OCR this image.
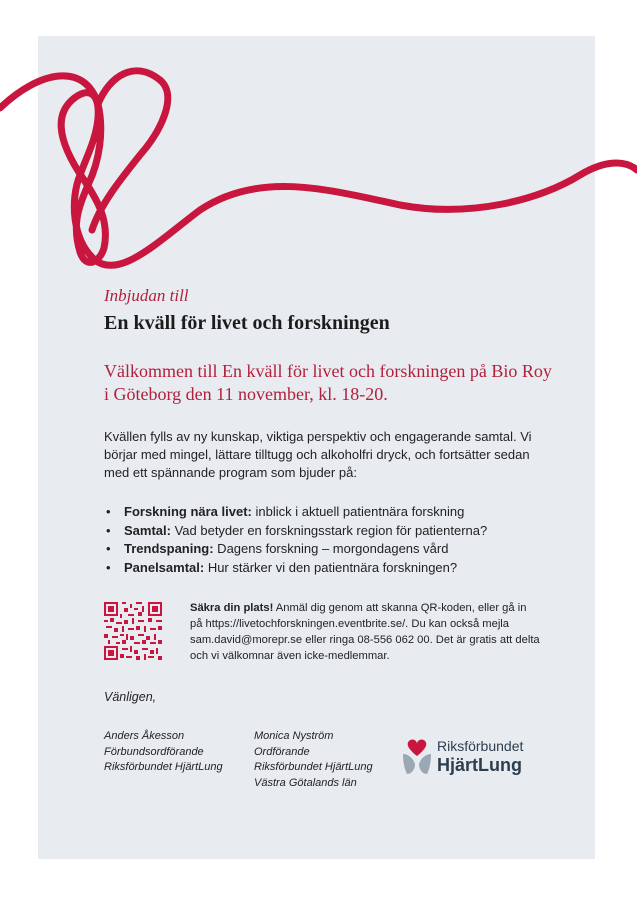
Inbjudan till
En kväll för livet och forskningen
Välkommen till En kväll för livet och forskningen på Bio Roy i Göteborg den 11 november, kl. 18-20.
Kvällen fylls av ny kunskap, viktiga perspektiv och engagerande samtal. Vi börjar med mingel, lättare tilltugg och alkoholfri dryck, och fortsätter sedan med ett spännande program som bjuder på:
• Forskning nära livet: inblick i aktuell patientnära forskning
• Samtal: Vad betyder en forskningsstark region för patienterna?
• Trendspaning: Dagens forskning – morgondagens vård
• Panelsamtal: Hur stärker vi den patientnära forskningen?
Säkra din plats! Anmäl dig genom att skanna QR-koden, eller gå in på https://livetochforskningen.eventbrite.se/. Du kan också mejla sam.david@morepr.se eller ringa 08-556 062 00. Det är gratis att delta och vi välkomnar även icke-medlemmar.
Vänligen,
Anders Åkesson
Förbundsordförande
Riksförbundet HjärtLung
Monica Nyström
Ordförande
Riksförbundet HjärtLung
Västra Götalands län
Riksförbundet
HjärtLung
